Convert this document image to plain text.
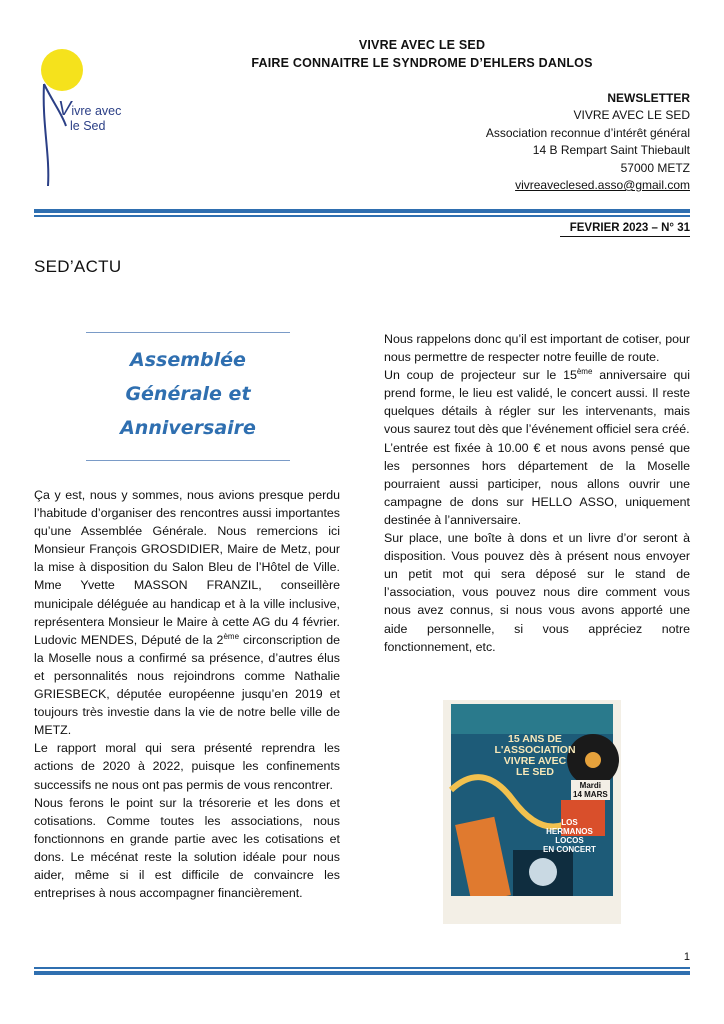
Vivre avec
le Sed
VIVRE AVEC LE SED
FAIRE CONNAITRE LE SYNDROME D’EHLERS DANLOS
NEWSLETTER
VIVRE AVEC LE SED
Association reconnue d’intérêt général
14 B Rempart Saint Thiebault
57000 METZ
vivreaveclesed.asso@gmail.com
FEVRIER 2023 – N° 31
SED’ACTU
Assemblée
Générale et
Anniversaire

Ça y est, nous y sommes, nous avions presque perdu l’habitude d’organiser des rencontres aussi importantes qu’une Assemblée Générale. Nous remercions ici Monsieur François GROSDIDIER, Maire de Metz, pour la mise à disposition du Salon Bleu de l’Hôtel de Ville. Mme Yvette MASSON FRANZIL, conseillère municipale déléguée au handicap et à la ville inclusive, représentera Monsieur le Maire à cette AG du 4 février. Ludovic MENDES, Député de la 2ème circonscription de la Moselle nous a confirmé sa présence, d’autres élus et personnalités nous rejoindrons comme Nathalie GRIESBECK, députée européenne jusqu’en 2019 et toujours très investie dans la vie de notre belle ville de METZ.

Le rapport moral qui sera présenté reprendra les actions de 2020 à 2022, puisque les confinements successifs ne nous ont pas permis de vous rencontrer.

Nous ferons le point sur la trésorerie et les dons et cotisations. Comme toutes les associations, nous fonctionnons en grande partie avec les cotisations et dons. Le mécénat reste la solution idéale pour nous aider, même si il est difficile de convaincre les entreprises à nous accompagner financièrement.

Nous rappelons donc qu’il est important de cotiser, pour nous permettre de respecter notre feuille de route.

Un coup de projecteur sur le 15ème anniversaire qui prend forme, le lieu est validé, le concert aussi. Il reste quelques détails à régler sur les intervenants, mais vous saurez tout dès que l’événement officiel sera créé.

L’entrée est fixée à 10.00 € et nous avons pensé que les personnes hors département de la Moselle pourraient aussi participer, nous allons ouvrir une campagne de dons sur HELLO ASSO, uniquement destinée à l’anniversaire.

Sur place, une boîte à dons et un livre d’or seront à disposition. Vous pouvez dès à présent nous envoyer un petit mot qui sera déposé sur le stand de l’association, vous pouvez nous dire comment vous nous avez connus, si nous vous avons apporté une aide personnelle, si vous appréciez notre fonctionnement, etc.

15 ANS DE
L'ASSOCIATION
VIVRE AVEC
LE SED
Mardi
14 MARS
LOS
HERMANOS
LOCOS
EN CONCERT
1
